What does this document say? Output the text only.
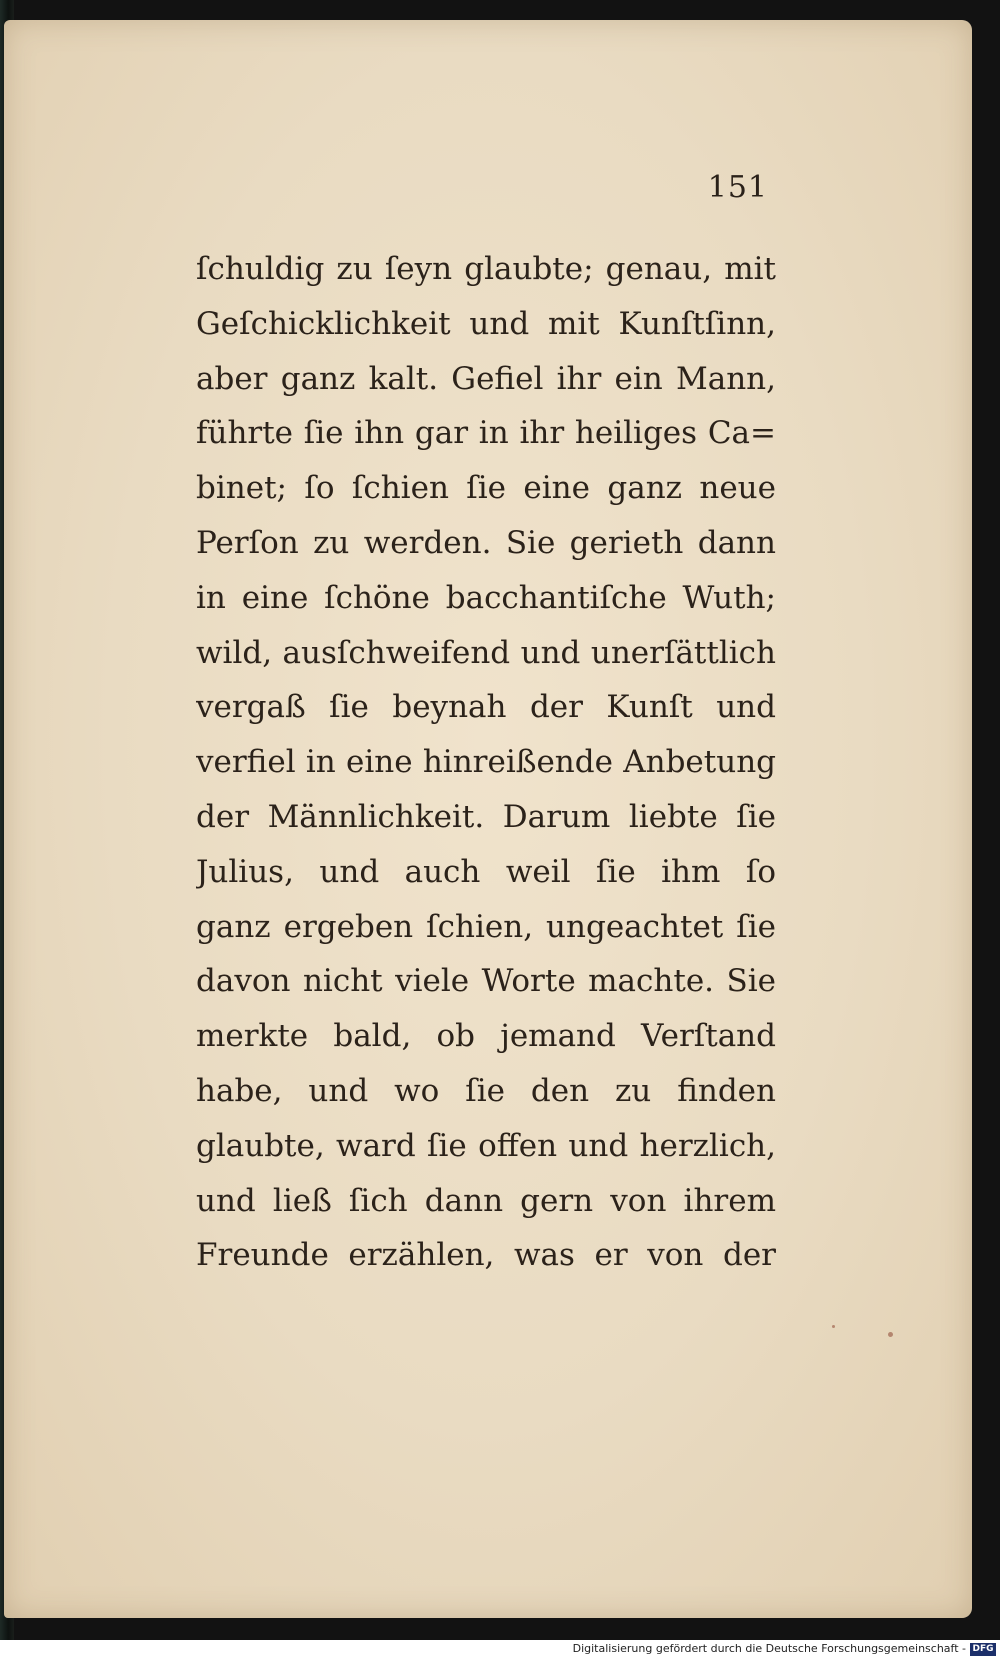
151
ſchuldig zu ſeyn glaubte; genau, mit
Geſchicklichkeit und mit Kunſtſinn,
aber ganz kalt. Gefiel ihr ein Mann,
führte ſie ihn gar in ihr heiliges Ca=
binet; ſo ſchien ſie eine ganz neue
Perſon zu werden. Sie gerieth dann
in eine ſchöne bacchantiſche Wuth;
wild, ausſchweifend und unerſättlich
vergaß ſie beynah der Kunſt und
verfiel in eine hinreißende Anbetung
der Männlichkeit. Darum liebte ſie
Julius, und auch weil ſie ihm ſo
ganz ergeben ſchien, ungeachtet ſie
davon nicht viele Worte machte. Sie
merkte bald, ob jemand Verſtand
habe, und wo ſie den zu finden
glaubte, ward ſie offen und herzlich,
und ließ ſich dann gern von ihrem
Freunde erzählen, was er von der
Digitalisierung gefördert durch die Deutsche Forschungsgemeinschaft - DFG
